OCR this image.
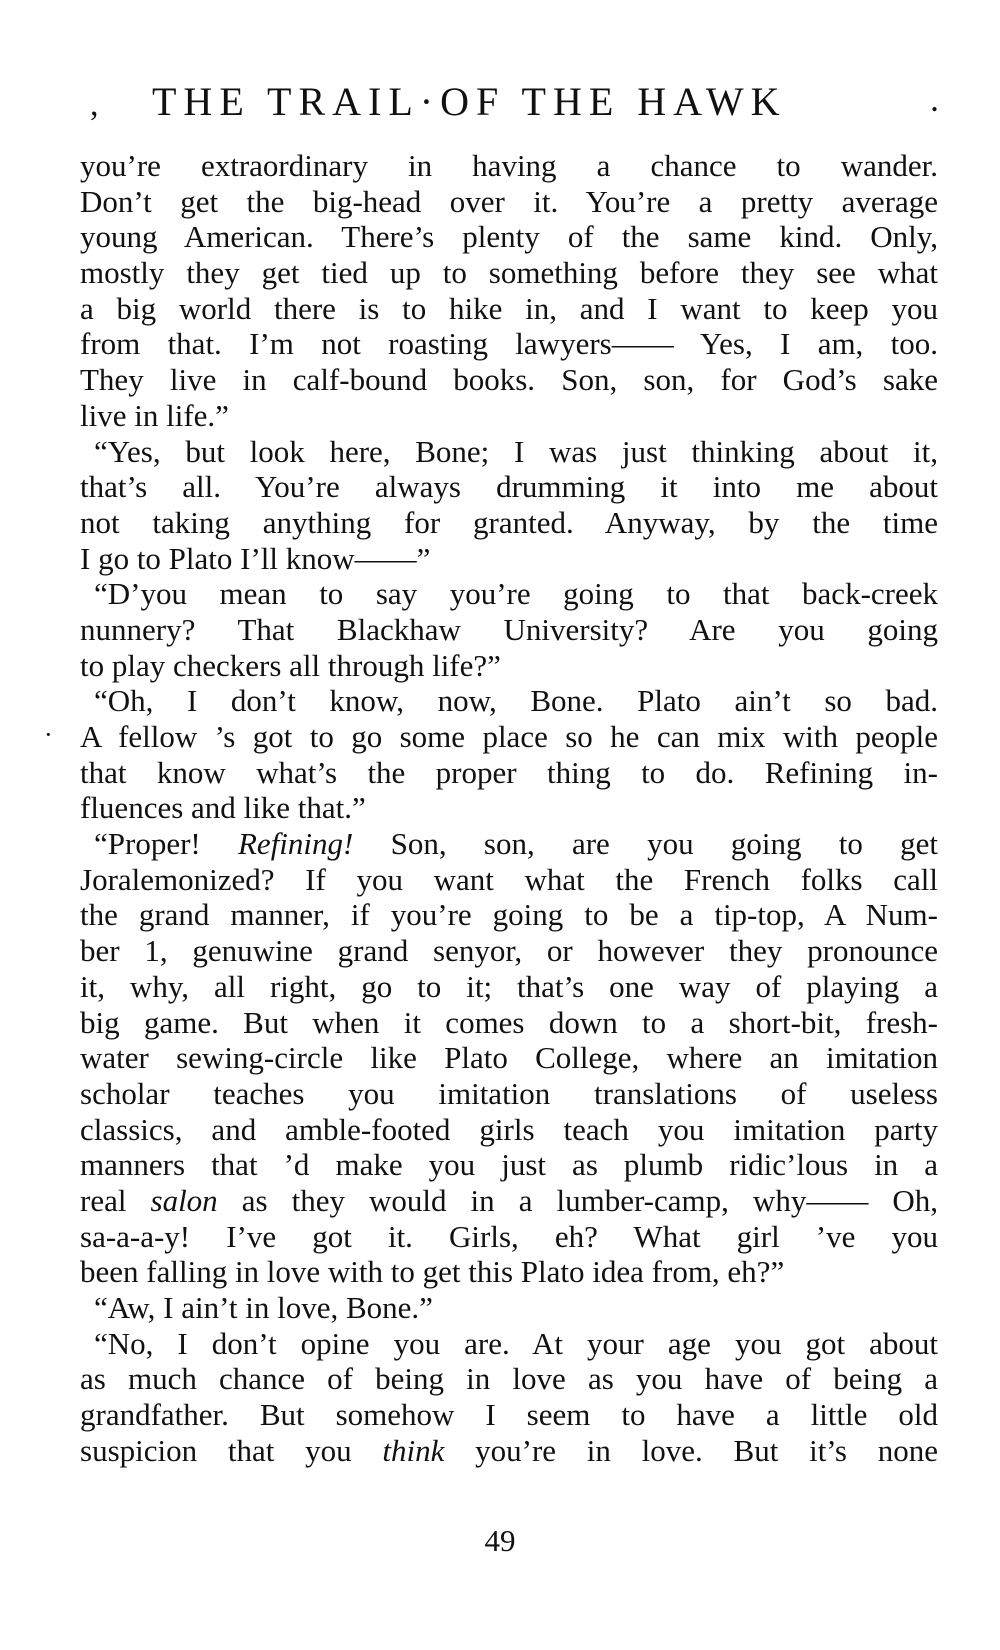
, THE TRAIL·OF THE HAWK	.
·
you’re extraordinary in having a chance to wander.
Don’t get the big-head over it. You’re a pretty average
young American. There’s plenty of the same kind. Only,
mostly they get tied up to something before they see what
a big world there is to hike in, and I want to keep you
from that. I’m not roasting lawyers—— Yes, I am, too.
They live in calf-bound books. Son, son, for God’s sake
live in life.”
“Yes, but look here, Bone; I was just thinking about it,
that’s all. You’re always drumming it into me about
not taking anything for granted. Anyway, by the time
I go to Plato I’ll know——”
“D’you mean to say you’re going to that back-creek
nunnery? That Blackhaw University? Are you going
to play checkers all through life?”
“Oh, I don’t know, now, Bone. Plato ain’t so bad.
A fellow ’s got to go some place so he can mix with people
that know what’s the proper thing to do. Refining in-
fluences and like that.”
“Proper! Refining! Son, son, are you going to get
Joralemonized? If you want what the French folks call
the grand manner, if you’re going to be a tip-top, A Num-
ber 1, genuwine grand senyor, or however they pronounce
it, why, all right, go to it; that’s one way of playing a
big game. But when it comes down to a short-bit, fresh-
water sewing-circle like Plato College, where an imitation
scholar teaches you imitation translations of useless
classics, and amble-footed girls teach you imitation party
manners that ’d make you just as plumb ridic’lous in a
real salon as they would in a lumber-camp, why—— Oh,
sa-a-a-y! I’ve got it. Girls, eh? What girl ’ve you
been falling in love with to get this Plato idea from, eh?”
“Aw, I ain’t in love, Bone.”
“No, I don’t opine you are. At your age you got about
as much chance of being in love as you have of being a
grandfather. But somehow I seem to have a little old
suspicion that you think you’re in love. But it’s none
49
